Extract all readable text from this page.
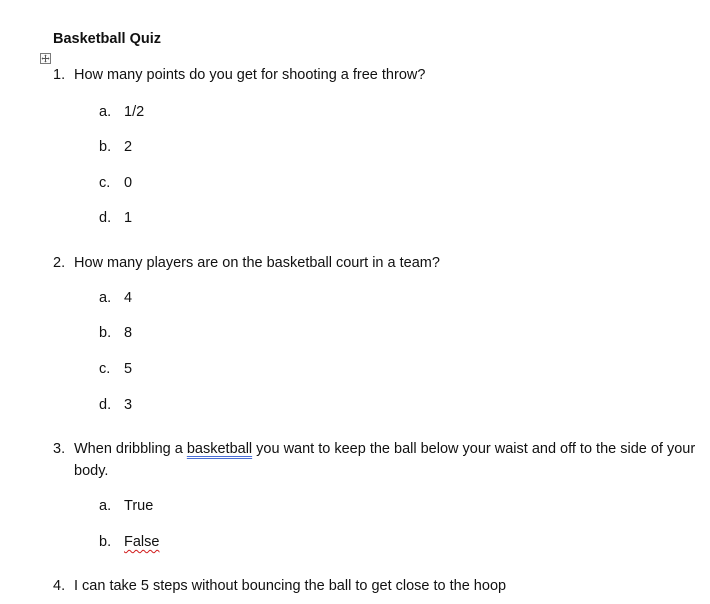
Basketball Quiz
1. How many points do you get for shooting a free throw?
a. 1/2
b. 2
c. 0
d. 1
2. How many players are on the basketball court in a team?
a. 4
b. 8
c. 5
d. 3
3. When dribbling a basketball you want to keep the ball below your waist and off to the side of your body.
a. True
b. False
4. I can take 5 steps without bouncing the ball to get close to the hoop
